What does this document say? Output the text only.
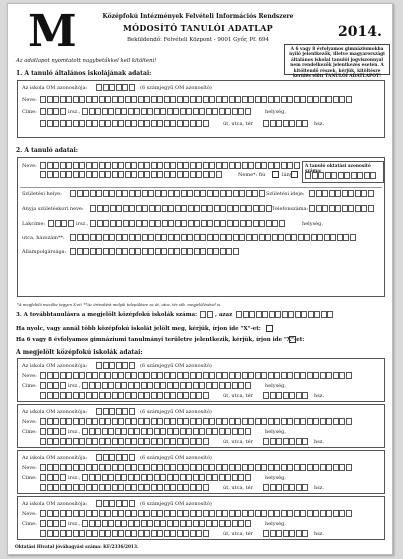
M	Középfokú Intézmények Felvételi Információs Rendszere
MÓDOSÍTÓ TANULÓI ADATLAP
Beküldendő: Felvételi Központ - 9001 Győr, Pf. 694	2014.
A 6 vagy 8 évfolyamos gimnáziumokba nyíló jelentkezők, illetve magyarországi általános iskolai tanulói jogviszonnyal nem rendelkezők jelentkezés esetén. A kitöltendő részek, kérjük, kitöltésre kerülés előtt TANULÓI ADATLAPOT!
Az adatlapot nyomtatott nagybetűkkel kell kitölteni!
1. A tanuló általános iskolájának adatai:
Az iskola OM azonosítója:	(6 számjegyű OM azonosító)
Neve:
Címe:	irsz.,	helység,
út, utca, tér	hsz.
2. A tanuló adatai:
Neve:
Neme*: fiú	lány
A tanuló oktatási azonosító
Születési helye:	Születési ideje:
Anyja születéskori neve:	Telefonszáma:
Lakcíme:	irsz.,	helység,
utca, házszám**:
Állampolgársága:
*A megfelelő mezőbe tegyen X-et! **Az értesítést melyik településre az út, utca, tér stb. megjelölésével is.
3. A továbbtanulásra a megjelölt középfokú iskolák száma:	, azaz
Ha nyolc, vagy annál több középfokú iskolát jelölt meg, kérjük, írjon ide "X"-et:
Ha 6 vagy 8 évfolyamos gimnáziumi tanulmányi területre jelentkezik, kérjük, írjon ide "X"-et:
A megjelölt középfokú iskolák adatai:
Az iskola OM azonosítója:	(6 számjegyű OM azonosító)
Neve:
Címe:	irsz.,	helység,
út, utca, tér	hsz.
Az iskola OM azonosítója:	(6 számjegyű OM azonosító)
Neve:
Címe:	irsz.,	helység,
út, utca, tér	hsz.
Az iskola OM azonosítója:	(6 számjegyű OM azonosító)
Neve:
Címe:	irsz.,	helység,
út, utca, tér	hsz.
Az iskola OM azonosítója:	(6 számjegyű OM azonosító)
Neve:
Címe:	irsz.,	helység,
út, utca, tér	hsz.
Oktatási Hivatal jóváhagyási száma: KF/2336/2013.
